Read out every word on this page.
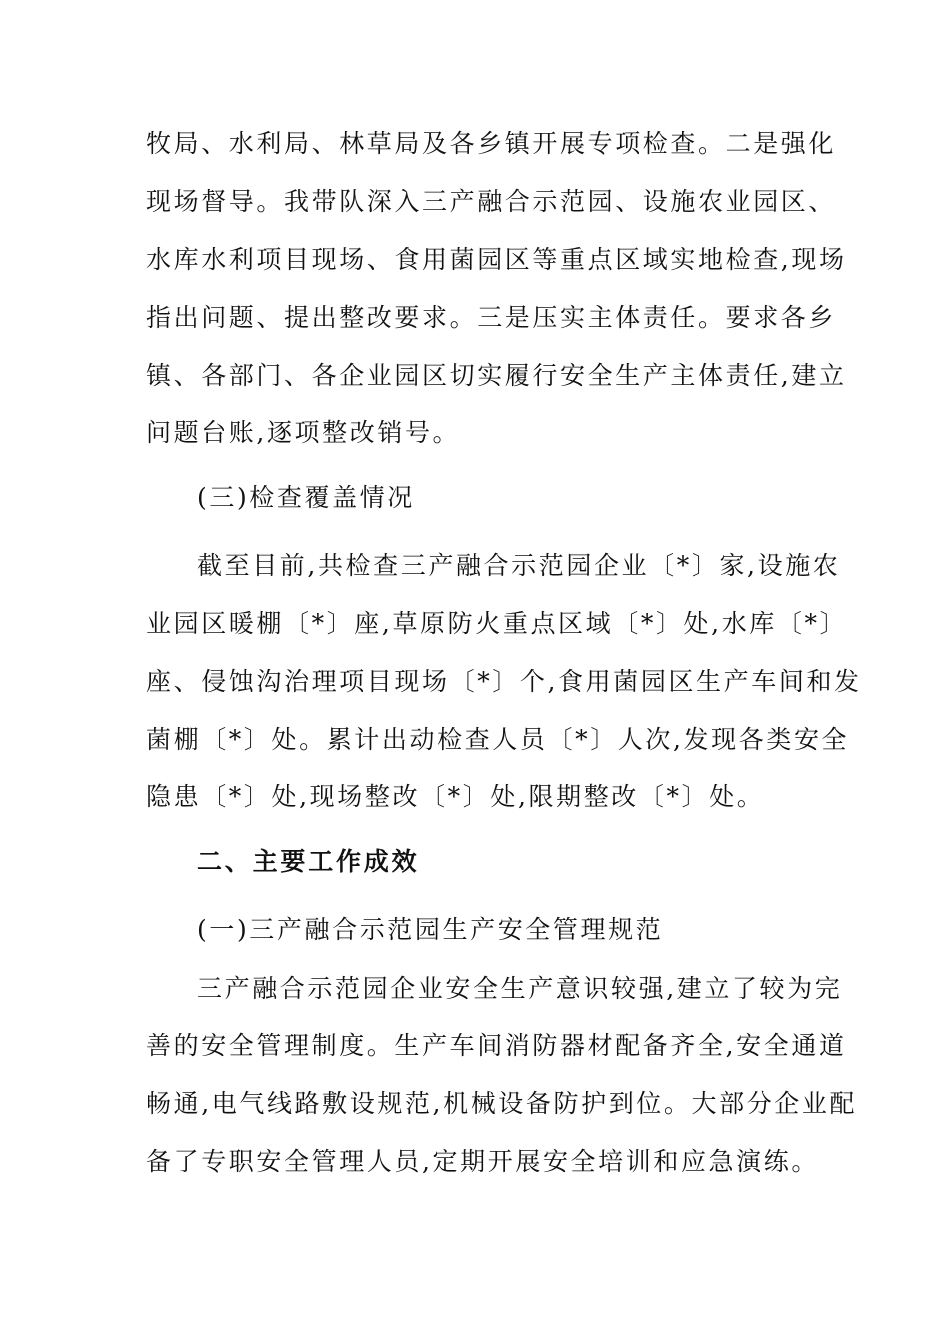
牧局、水利局、林草局及各乡镇开展专项检查。二是强化
现场督导。我带队深入三产融合示范园、设施农业园区、
水库水利项目现场、食用菌园区等重点区域实地检查,现场
指出问题、提出整改要求。三是压实主体责任。要求各乡
镇、各部门、各企业园区切实履行安全生产主体责任,建立
问题台账,逐项整改销号。
(三)检查覆盖情况
截至目前,共检查三产融合示范园企业〔*〕家,设施农
业园区暖棚〔*〕座,草原防火重点区域〔*〕处,水库〔*〕
座、侵蚀沟治理项目现场〔*〕个,食用菌园区生产车间和发
菌棚〔*〕处。累计出动检查人员〔*〕人次,发现各类安全
隐患〔*〕处,现场整改〔*〕处,限期整改〔*〕处。
二、主要工作成效
(一)三产融合示范园生产安全管理规范
三产融合示范园企业安全生产意识较强,建立了较为完
善的安全管理制度。生产车间消防器材配备齐全,安全通道
畅通,电气线路敷设规范,机械设备防护到位。大部分企业配
备了专职安全管理人员,定期开展安全培训和应急演练。
